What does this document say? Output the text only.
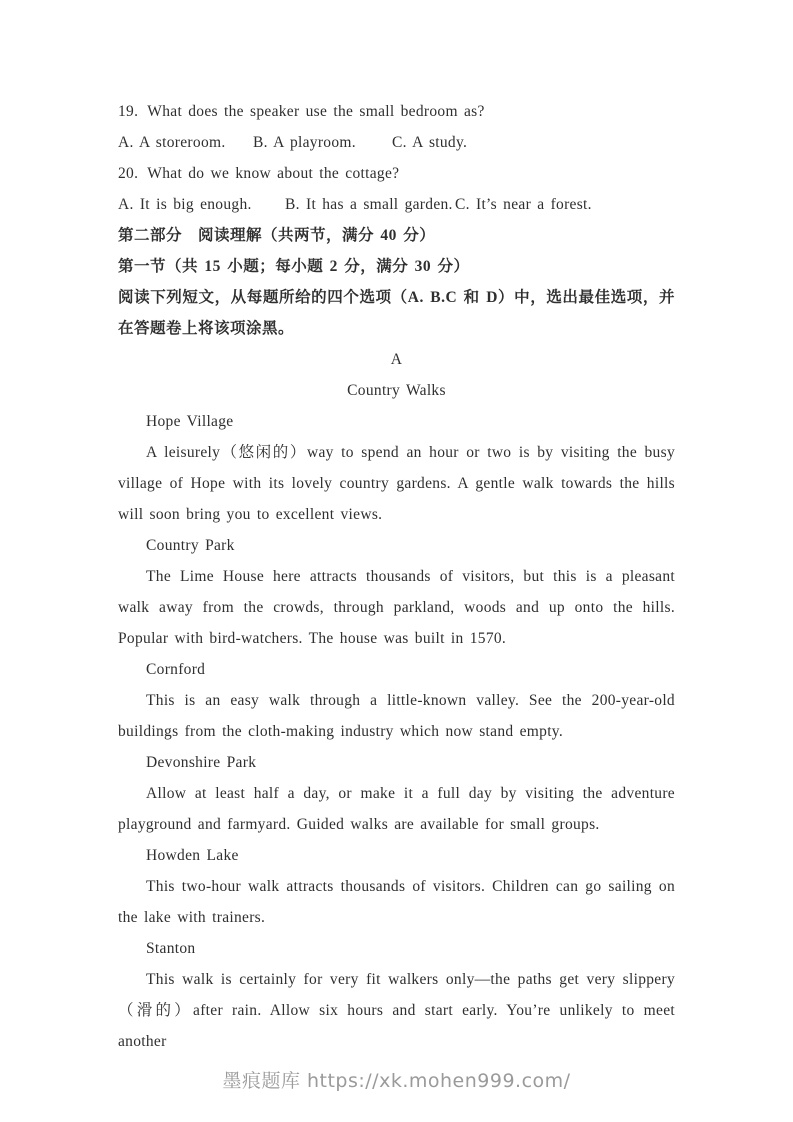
19. What does the speaker use the small bedroom as?

A. A storeroom.	B. A playroom.	C. A study.

20. What do we know about the cottage?

A. It is big enough.	B. It has a small garden. C. It’s near a forest.

第二部分　阅读理解（共两节，满分 40 分）

第一节（共 15 小题；每小题 2 分，满分 30 分）

阅读下列短文，从每题所给的四个选项（A. B.C 和 D）中，选出最佳选项，并在答题卷上将该项涂黑。

A

Country Walks

Hope Village

A leisurely（悠闲的）way to spend an hour or two is by visiting the busy village of Hope with its lovely country gardens. A gentle walk towards the hills will soon bring you to excellent views.

Country Park

The Lime House here attracts thousands of visitors, but this is a pleasant walk away from the crowds, through parkland, woods and up onto the hills. Popular with bird-watchers. The house was built in 1570.

Cornford

This is an easy walk through a little-known valley. See the 200-year-old buildings from the cloth-making industry which now stand empty.

Devonshire Park

Allow at least half a day, or make it a full day by visiting the adventure playground and farmyard. Guided walks are available for small groups.

Howden Lake

This two-hour walk attracts thousands of visitors. Children can go sailing on the lake with trainers.

Stanton

This walk is certainly for very fit walkers only—the paths get very slippery（滑的）after rain. Allow six hours and start early. You’re unlikely to meet another

墨痕题库 https://xk.mohen999.com/
